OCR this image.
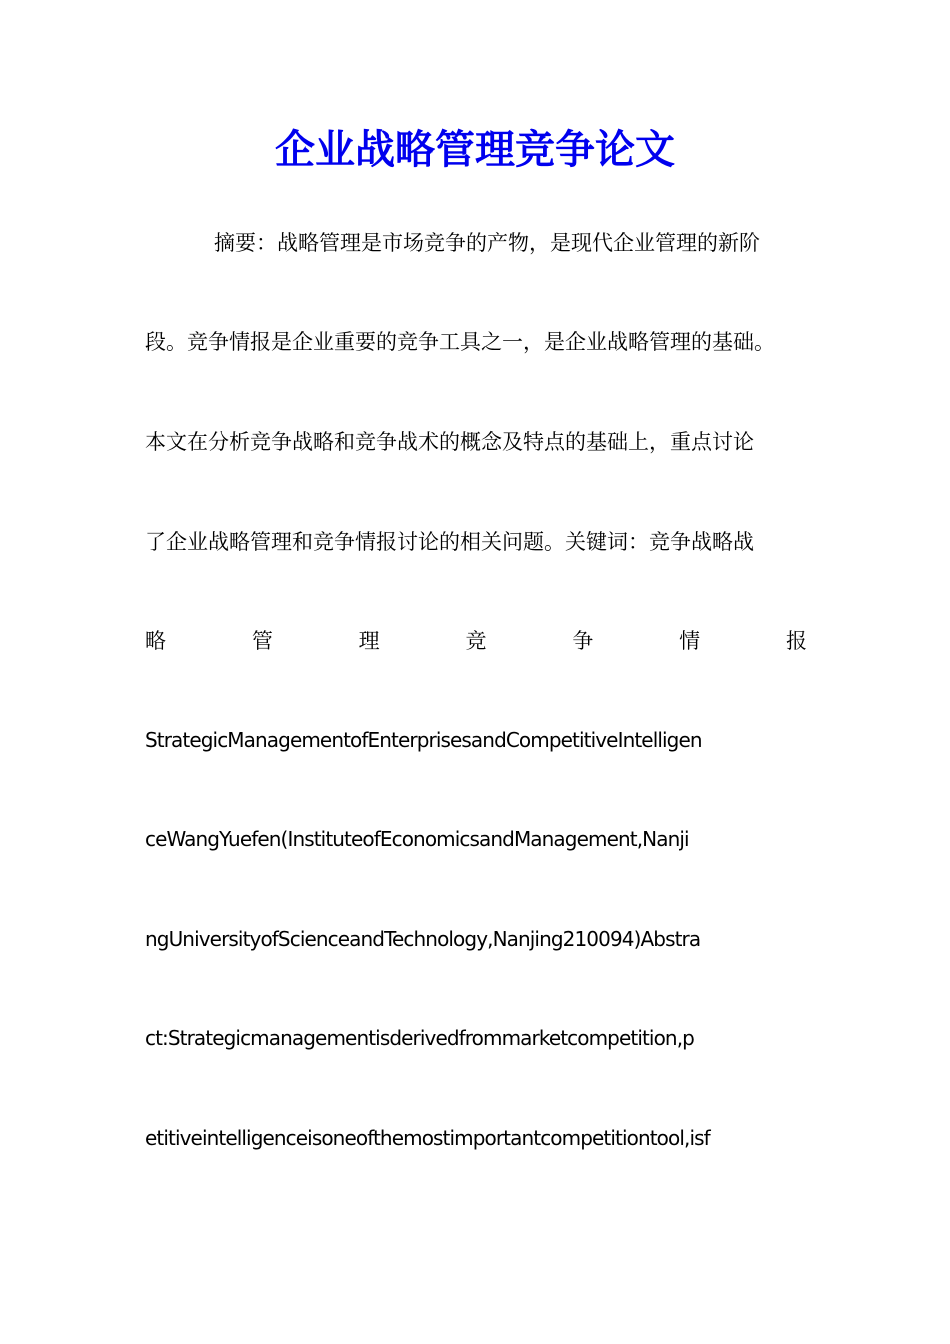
企业战略管理竞争论文
摘要：战略管理是市场竞争的产物，是现代企业管理的新阶
段。竞争情报是企业重要的竞争工具之一，是企业战略管理的基础。
本文在分析竞争战略和竞争战术的概念及特点的基础上，重点讨论
了企业战略管理和竞争情报讨论的相关问题。关键词：竞争战略战
略	管	理	竞	争	情	报
StrategicManagementofEnterprisesandCompetitiveIntelligen
ceWangYuefen(InstituteofEconomicsandManagement,Nanji
ngUniversityofScienceandTechnology,Nanjing210094)Abstra
ct:Strategicmanagementisderivedfrommarketcompetition,p
etitiveintelligenceisoneofthemostimportantcompetitiontool,isf
